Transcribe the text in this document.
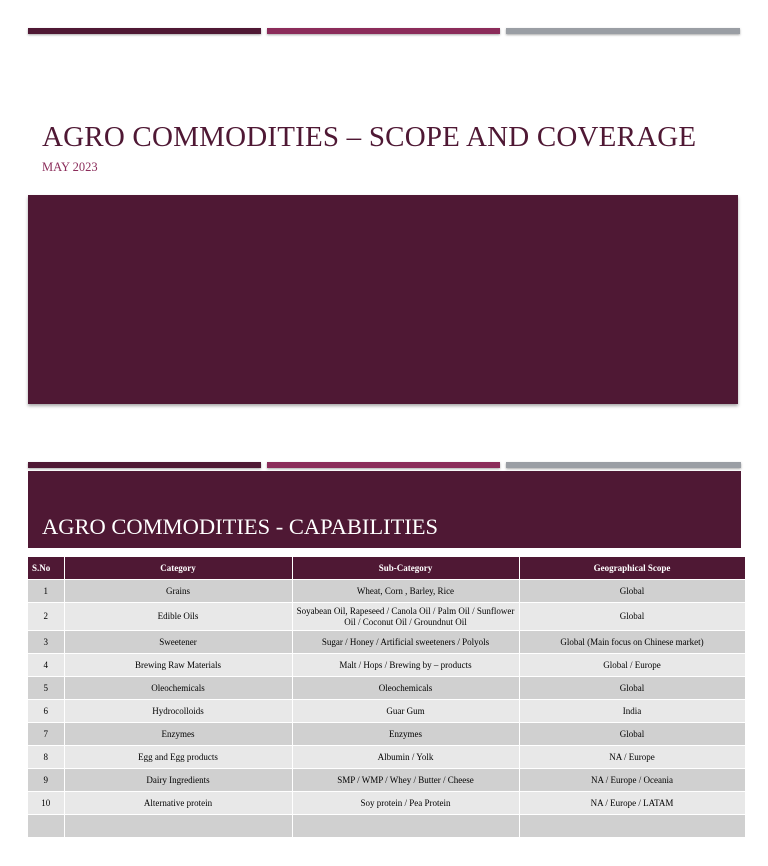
AGRO COMMODITIES – SCOPE AND COVERAGE

MAY 2023

AGRO COMMODITIES - CAPABILITIES
S.No	Category	Sub-Category	Geographical Scope
1	Grains	Wheat, Corn , Barley, Rice	Global
2	Edible Oils	Soyabean Oil, Rapeseed / Canola Oil / Palm Oil / Sunflower Oil / Coconut Oil / Groundnut Oil	Global
3	Sweetener	Sugar / Honey / Artificial sweeteners / Polyols	Global (Main focus on Chinese market)
4	Brewing Raw Materials	Malt / Hops / Brewing by – products	Global / Europe
5	Oleochemicals	Oleochemicals	Global
6	Hydrocolloids	Guar Gum	India
7	Enzymes	Enzymes	Global
8	Egg and Egg products	Albumin / Yolk	NA / Europe
9	Dairy Ingredients	SMP / WMP / Whey / Butter / Cheese	NA / Europe / Oceania
10	Alternative protein	Soy protein / Pea Protein	NA / Europe / LATAM
